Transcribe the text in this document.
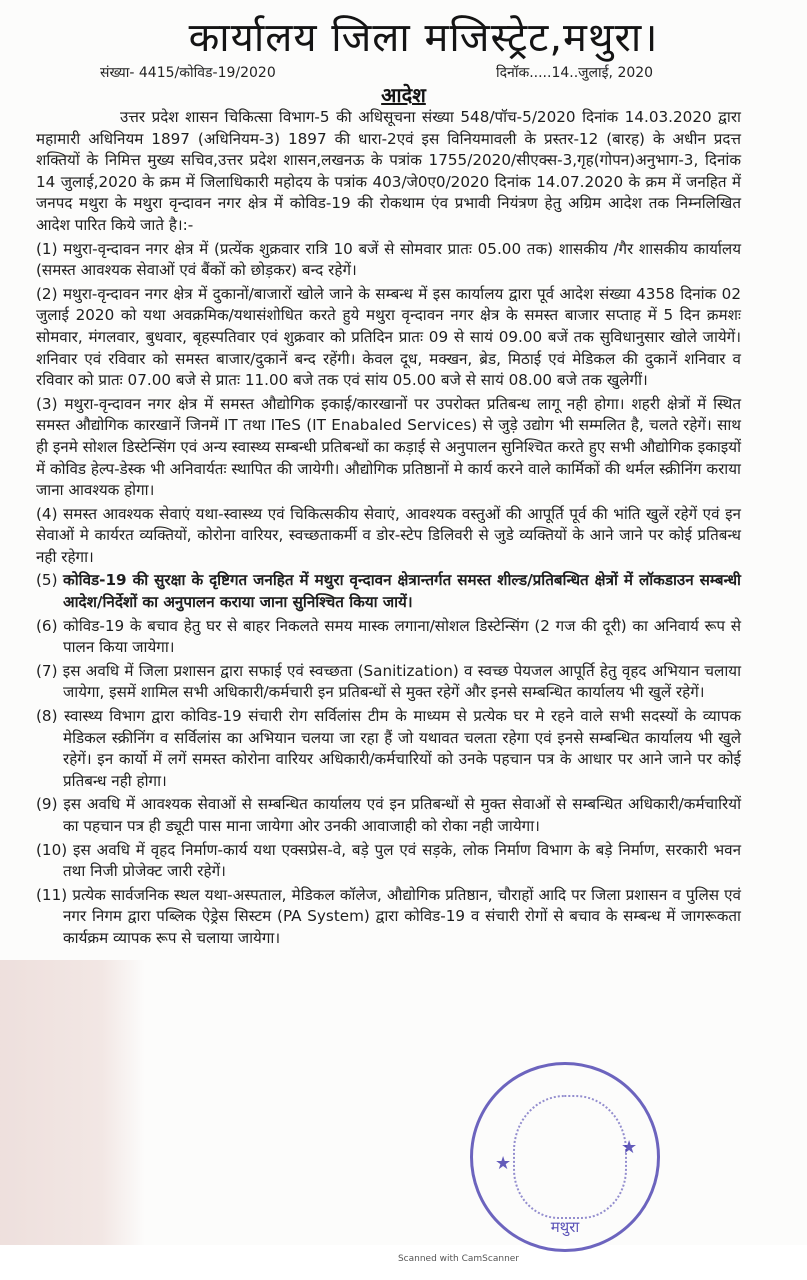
कार्यालय जिला मजिस्ट्रेट,मथुरा।
संख्या- 4415/कोविड-19/2020	दिनॉक.....14..जुलाई, 2020
आदेश

उत्तर प्रदेश शासन चिकित्सा विभाग-5 की अधिसूचना संख्या 548/पॉच-5/2020 दिनांक 14.03.2020 द्वारा महामारी अधिनियम 1897 (अधिनियम-3) 1897 की धारा-2एवं इस विनियमावली के प्रस्तर-12 (बारह) के अधीन प्रदत्त शक्तियों के निमित्त मुख्य सचिव,उत्तर प्रदेश शासन,लखनऊ के पत्रांक 1755/2020/सीएक्स-3,गृह(गोपन)अनुभाग-3, दिनांक 14 जुलाई,2020 के क्रम में जिलाधिकारी महोदय के पत्रांक 403/जे0ए0/2020 दिनांक 14.07.2020 के क्रम में जनहित में जनपद मथुरा के मथुरा वृन्दावन नगर क्षेत्र में कोविड-19 की रोकथाम एंव प्रभावी नियंत्रण हेतु अग्रिम आदेश तक निम्नलिखित आदेश पारित किये जाते है।:-

(1) मथुरा-वृन्दावन नगर क्षेत्र में (प्रत्येंक शुक्रवार रात्रि 10 बजें से सोमवार प्रातः 05.00 तक) शासकीय /गैर शासकीय कार्यालय (समस्त आवश्यक सेवाओं एवं बैंकों को छोड़कर) बन्द रहेगें।

(2) मथुरा-वृन्दावन नगर क्षेत्र में दुकानों/बाजारों खोले जाने के सम्बन्ध में इस कार्यालय द्वारा पूर्व आदेश संख्या 4358 दिनांक 02 जुलाई 2020 को यथा अवक्रमिक/यथासंशोधित करते हुये मथुरा वृन्दावन नगर क्षेत्र के समस्त बाजार सप्ताह में 5 दिन क्रमशः सोमवार, मंगलवार, बुधवार, बृहस्पतिवार एवं शुक्रवार को प्रतिदिन प्रातः 09 से सायं 09.00 बजें तक सुविधानुसार खोले जायेगें। शनिवार एवं रविवार को समस्त बाजार/दुकानें बन्द रहेंगी। केवल दूध, मक्खन, ब्रेड, मिठाई एवं मेडिकल की दुकानें शनिवार व रविवार को प्रातः 07.00 बजे से प्रातः 11.00 बजे तक एवं सांय 05.00 बजे से सायं 08.00 बजे तक खुलेगीं।

(3) मथुरा-वृन्दावन नगर क्षेत्र में समस्त औद्योगिक इकाई/कारखानों पर उपरोक्त प्रतिबन्ध लागू नही होगा। शहरी क्षेत्रों में स्थित समस्त औद्योगिक कारखानें जिनमें IT तथा ITeS (IT Enabaled Services) से जुड़े उद्योग भी सम्मलित है, चलते रहेगें। साथ ही इनमे सोशल डिस्टेन्सिंग एवं अन्य स्वास्थ्य सम्बन्धी प्रतिबन्धों का कड़ाई से अनुपालन सुनिश्चित करते हुए सभी औद्योगिक इकाइयों में कोविड हेल्प-डेस्क भी अनिवार्यतः स्थापित की जायेगी। औद्योगिक प्रतिष्ठानों मे कार्य करने वाले कार्मिकों की थर्मल स्क्रीनिंग कराया जाना आवश्यक होगा।

(4) समस्त आवश्यक सेवाएं यथा-स्वास्थ्य एवं चिकित्सकीय सेवाएं, आवश्यक वस्तुओं की आपूर्ति पूर्व की भांति खुलें रहेगें एवं इन सेवाओं मे कार्यरत व्यक्तियों, कोरोना वारियर, स्वच्छताकर्मी व डोर-स्टेप डिलिवरी से जुडे व्यक्तियों के आने जाने पर कोई प्रतिबन्ध नही रहेगा।

(5) कोविड-19 की सुरक्षा के दृष्टिगत जनहित में मथुरा वृन्दावन क्षेत्रान्तर्गत समस्त शील्ड/प्रतिबन्धित क्षेत्रों में लॉकडाउन सम्बन्धी आदेश/निर्देशों का अनुपालन कराया जाना सुनिश्चित किया जायें।

(6) कोविड-19 के बचाव हेतु घर से बाहर निकलते समय मास्क लगाना/सोशल डिस्टेन्सिंग (2 गज की दूरी) का अनिवार्य रूप से पालन किया जायेगा।

(7) इस अवधि में जिला प्रशासन द्वारा सफाई एवं स्वच्छता (Sanitization) व स्वच्छ पेयजल आपूर्ति हेतु वृहद अभियान चलाया जायेगा, इसमें शामिल सभी अधिकारी/कर्मचारी इन प्रतिबन्धों से मुक्त रहेगें और इनसे सम्बन्धित कार्यालय भी खुलें रहेगें।

(8) स्वास्थ्य विभाग द्वारा कोविड-19 संचारी रोग सर्विलांस टीम के माध्यम से प्रत्येक घर मे रहने वाले सभी सदस्यों के व्यापक मेडिकल स्क्रीनिंग व सर्विलांस का अभियान चलया जा रहा हैं जो यथावत चलता रहेगा एवं इनसे सम्बन्धित कार्यालय भी खुले रहेगें। इन कार्यो में लगें समस्त कोरोना वारियर अधिकारी/कर्मचारियों को उनके पहचान पत्र के आधार पर आने जाने पर कोई प्रतिबन्ध नही होगा।

(9) इस अवधि में आवश्यक सेवाओं से सम्बन्धित कार्यालय एवं इन प्रतिबन्धों से मुक्त सेवाओं से सम्बन्धित अधिकारी/कर्मचारियों का पहचान पत्र ही ड्यूटी पास माना जायेगा ओर उनकी आवाजाही को रोका नही जायेगा।

(10) इस अवधि में वृहद निर्माण-कार्य यथा एक्सप्रेस-वे, बड़े पुल एवं सड़के, लोक निर्माण विभाग के बड़े निर्माण, सरकारी भवन तथा निजी प्रोजेक्ट जारी रहेगें।

(11) प्रत्येक सार्वजनिक स्थल यथा-अस्पताल, मेडिकल कॉलेज, औद्योगिक प्रतिष्ठान, चौराहों आदि पर जिला प्रशासन व पुलिस एवं नगर निगम द्वारा पब्लिक ऐड्रेस सिस्टम (PA System) द्वारा कोविड-19 व संचारी रोगों से बचाव के सम्बन्ध में जागरूकता कार्यक्रम व्यापक रूप से चलाया जायेगा।

★
★
मथुरा
Scanned with CamScanner
